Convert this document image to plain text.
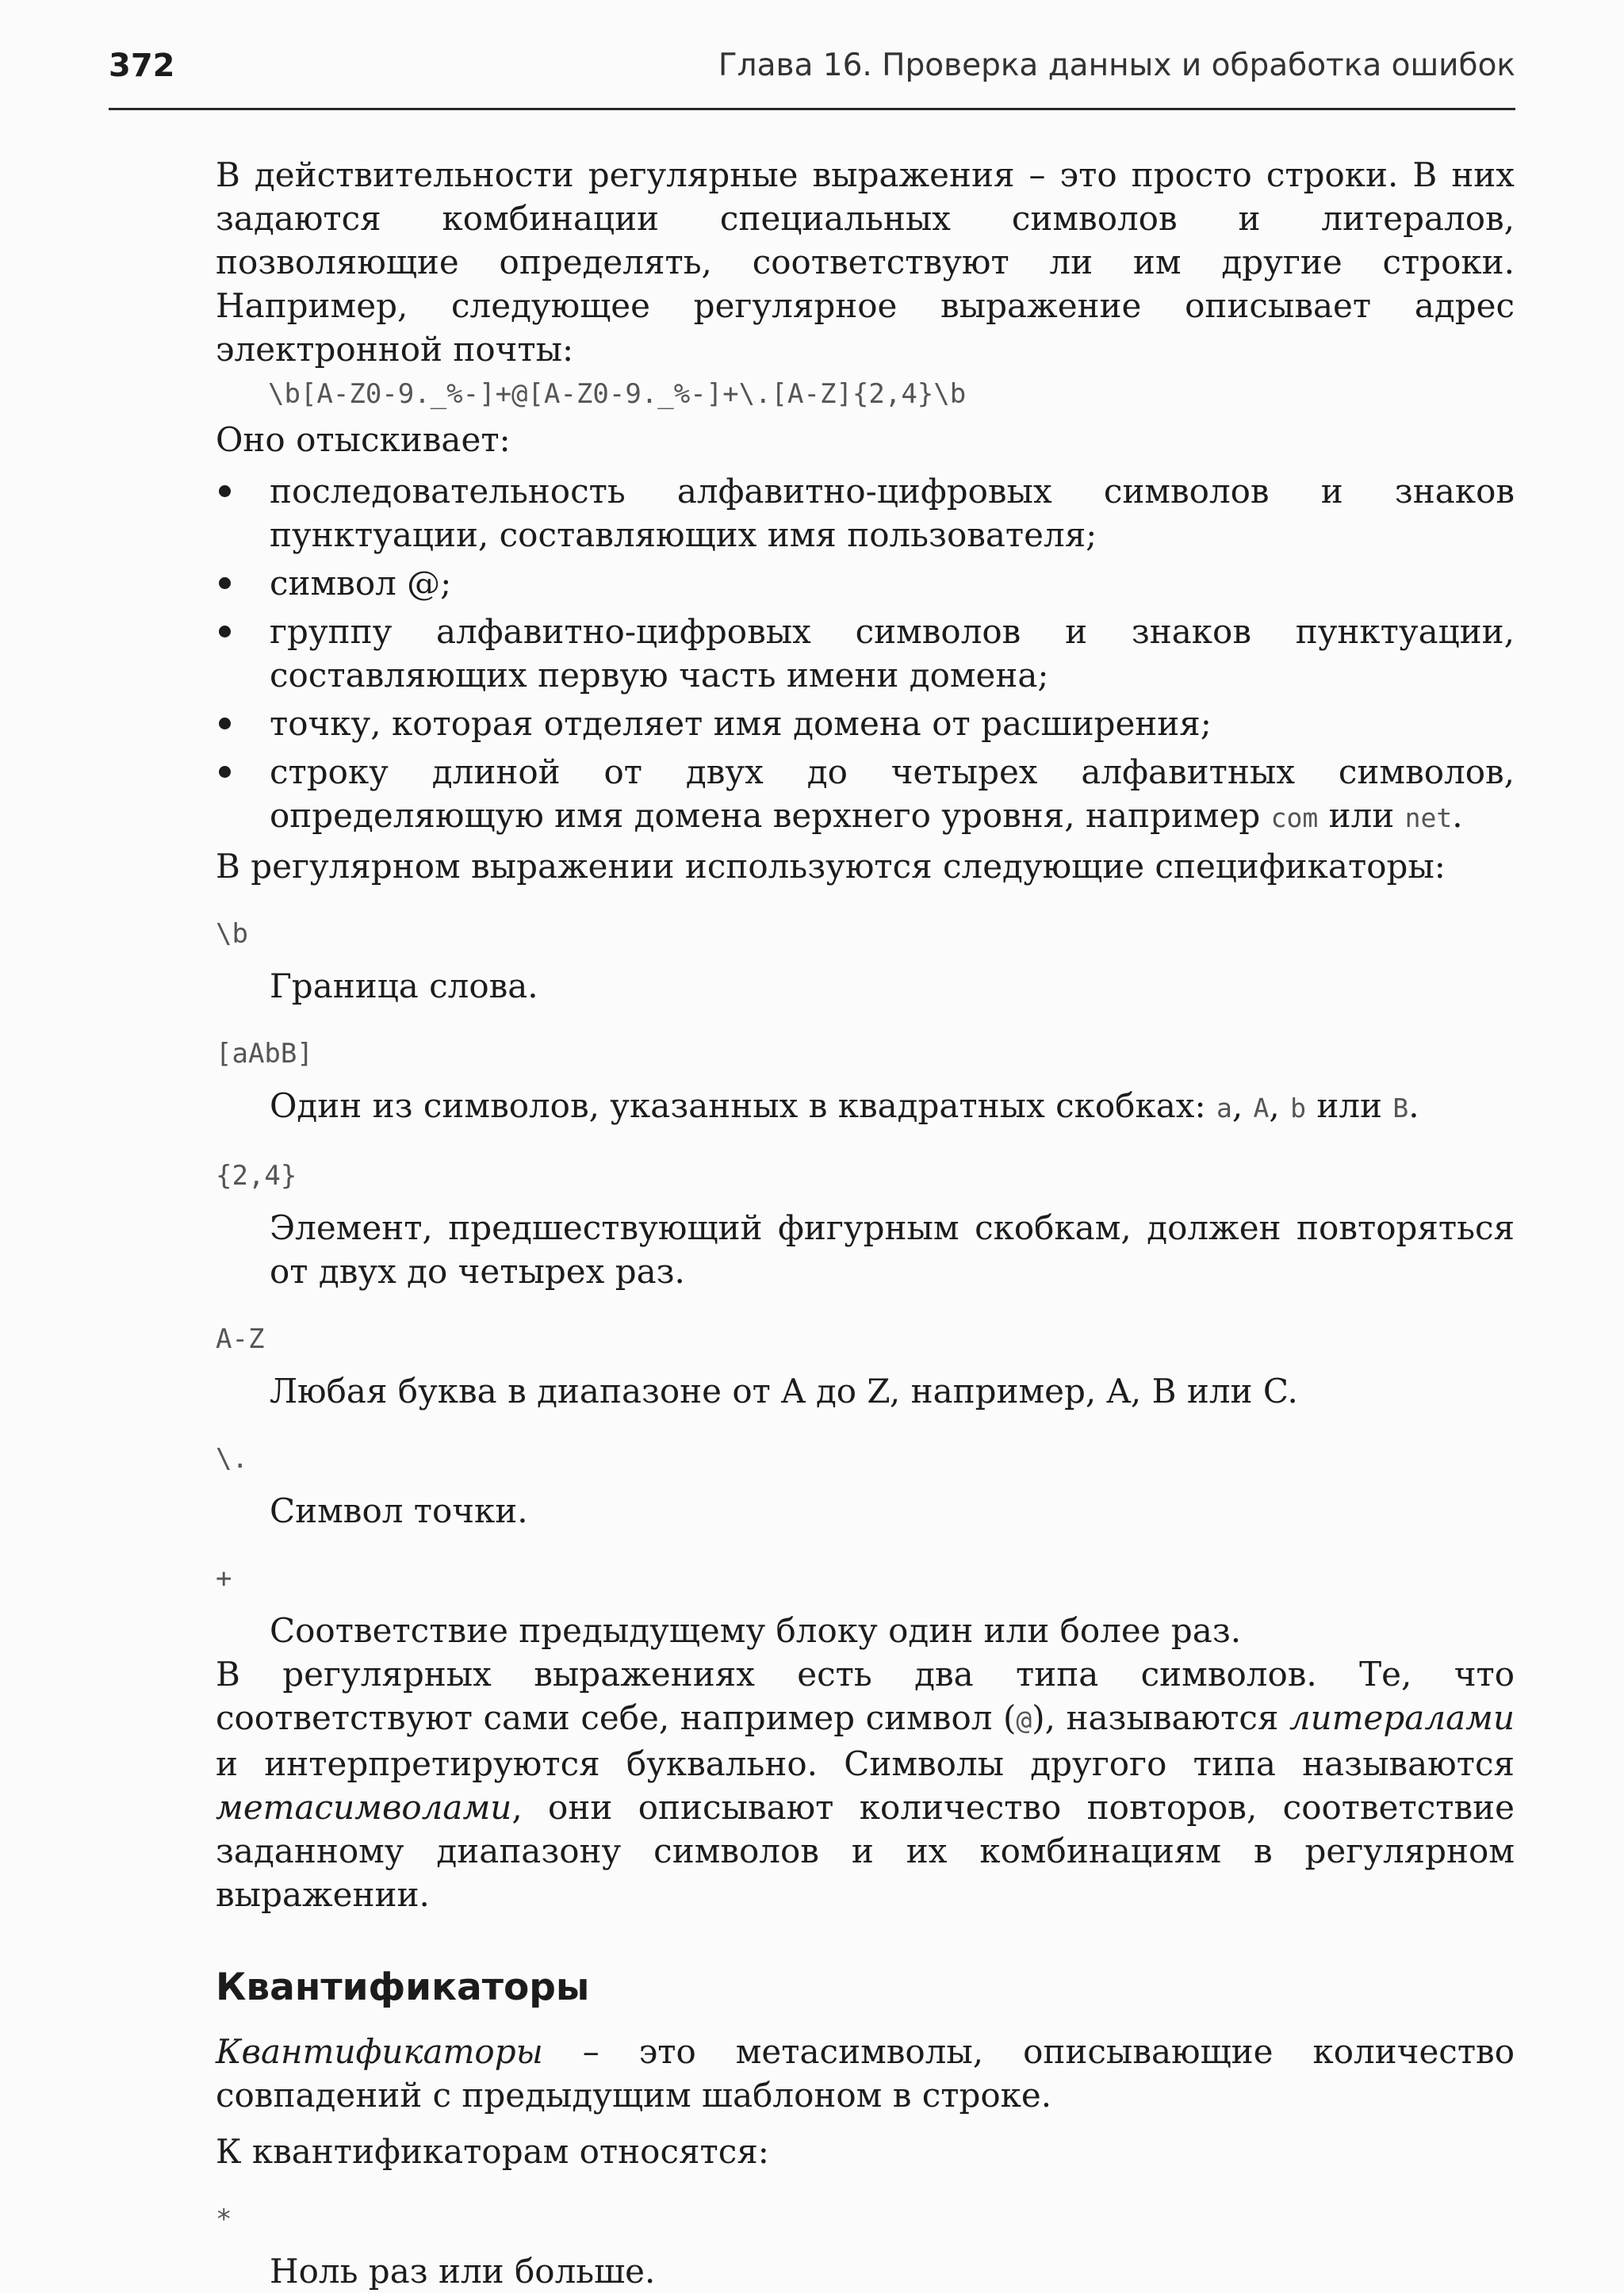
372	Глава 16. Проверка данных и обработка ошибок

В действительности регулярные выражения – это просто строки. В них задаются комбинации специальных символов и литералов, позволяющие определять, соответствуют ли им другие строки. Например, следующее регулярное выражение описывает адрес электронной почты:

\b[A-Z0-9._%-]+@[A-Z0-9._%-]+\.[A-Z]{2,4}\b

Оно отыскивает:

последовательность алфавитно-цифровых символов и знаков пунктуации, составляющих имя пользователя;

символ @;

группу алфавитно-цифровых символов и знаков пунктуации, составляющих первую часть имени домена;

точку, которая отделяет имя домена от расширения;

строку длиной от двух до четырех алфавитных символов, определяющую имя домена верхнего уровня, например com или net.

В регулярном выражении используются следующие спецификаторы:

\b

Граница слова.

[aAbB]

Один из символов, указанных в квадратных скобках: a, A, b или B.

{2,4}

Элемент, предшествующий фигурным скобкам, должен повторяться от двух до четырех раз.

A-Z

Любая буква в диапазоне от A до Z, например, A, B или C.

\.

Символ точки.

+

Соответствие предыдущему блоку один или более раз.

В регулярных выражениях есть два типа символов. Те, что соответствуют сами себе, например символ (@), называются литералами и интерпретируются буквально. Символы другого типа называются метасимволами, они описывают количество повторов, соответствие заданному диапазону символов и их комбинациям в регулярном выражении.

Квантификаторы

Квантификаторы – это метасимволы, описывающие количество совпадений с предыдущим шаблоном в строке.

К квантификаторам относятся:

*

Ноль раз или больше.
